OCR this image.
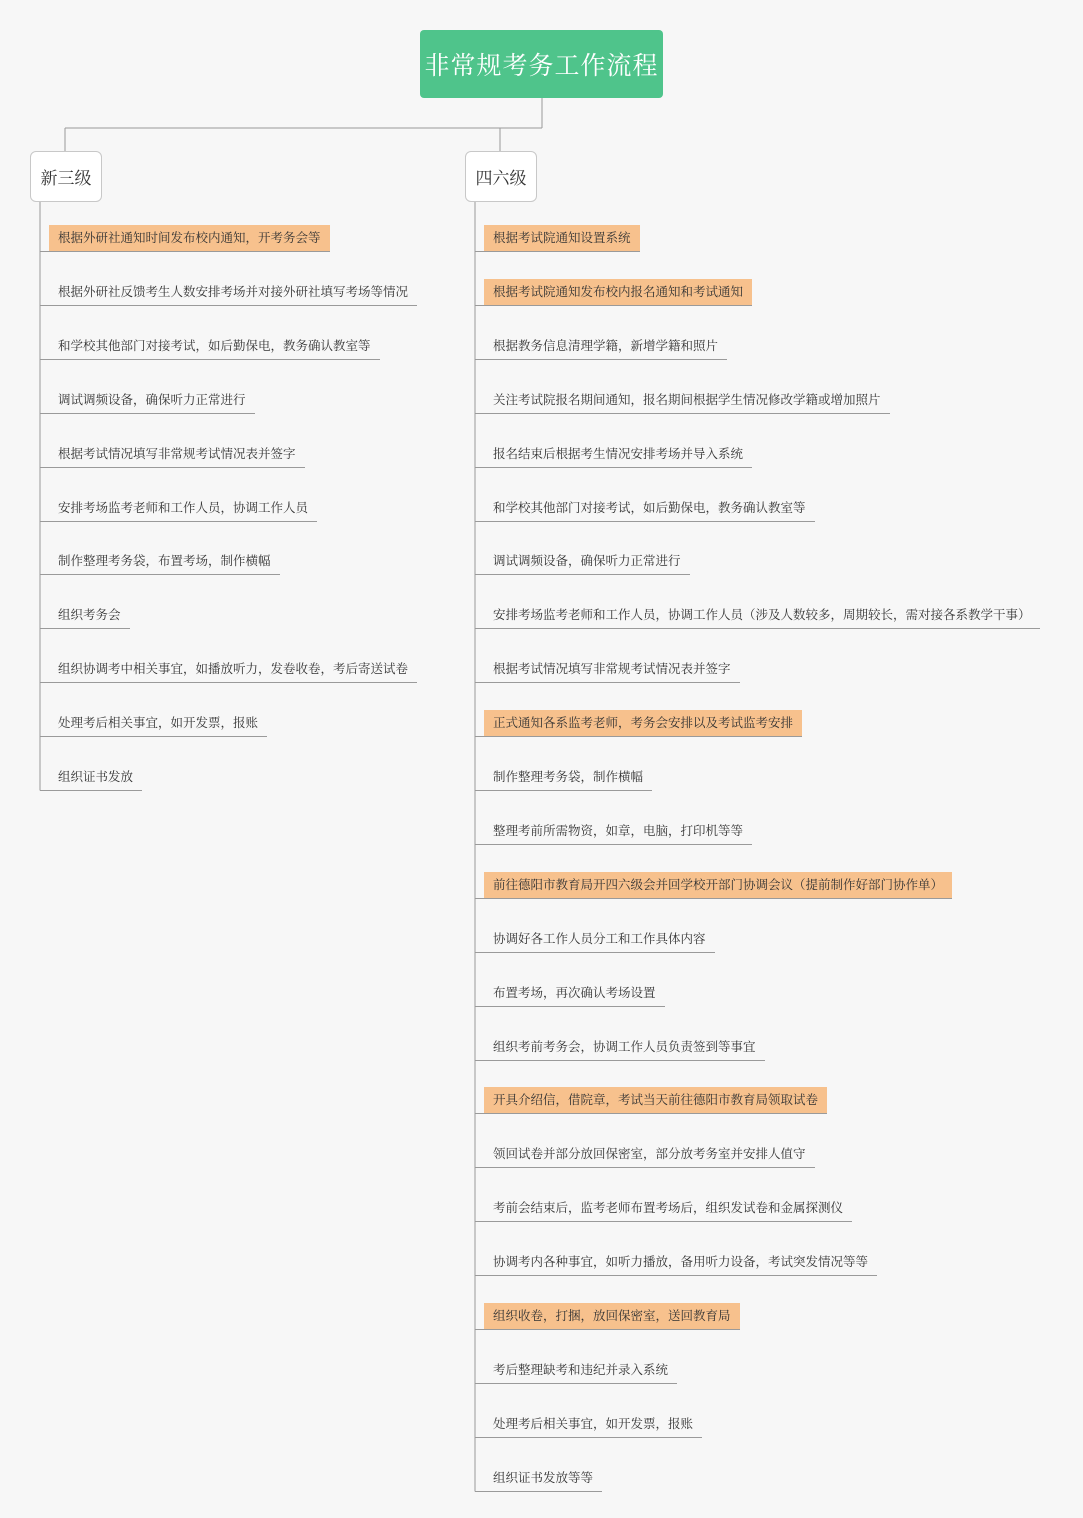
非常规考务工作流程
新三级	四六级
根据外研社通知时间发布校内通知，开考务会等
根据外研社反馈考生人数安排考场并对接外研社填写考场等情况
和学校其他部门对接考试，如后勤保电，教务确认教室等
调试调频设备，确保听力正常进行
根据考试情况填写非常规考试情况表并签字
安排考场监考老师和工作人员，协调工作人员
制作整理考务袋，布置考场，制作横幅
组织考务会
组织协调考中相关事宜，如播放听力，发卷收卷，考后寄送试卷
处理考后相关事宜，如开发票，报账
组织证书发放
根据考试院通知设置系统
根据考试院通知发布校内报名通知和考试通知
根据教务信息清理学籍，新增学籍和照片
关注考试院报名期间通知，报名期间根据学生情况修改学籍或增加照片
报名结束后根据考生情况安排考场并导入系统
和学校其他部门对接考试，如后勤保电，教务确认教室等
调试调频设备，确保听力正常进行
安排考场监考老师和工作人员，协调工作人员（涉及人数较多，周期较长，需对接各系教学干事）
根据考试情况填写非常规考试情况表并签字
正式通知各系监考老师，考务会安排以及考试监考安排
制作整理考务袋，制作横幅
整理考前所需物资，如章，电脑，打印机等等
前往德阳市教育局开四六级会并回学校开部门协调会议（提前制作好部门协作单）
协调好各工作人员分工和工作具体内容
布置考场，再次确认考场设置
组织考前考务会，协调工作人员负责签到等事宜
开具介绍信，借院章，考试当天前往德阳市教育局领取试卷
领回试卷并部分放回保密室，部分放考务室并安排人值守
考前会结束后，监考老师布置考场后，组织发试卷和金属探测仪
协调考内各种事宜，如听力播放，备用听力设备，考试突发情况等等
组织收卷，打捆，放回保密室，送回教育局
考后整理缺考和违纪并录入系统
处理考后相关事宜，如开发票，报账
组织证书发放等等
